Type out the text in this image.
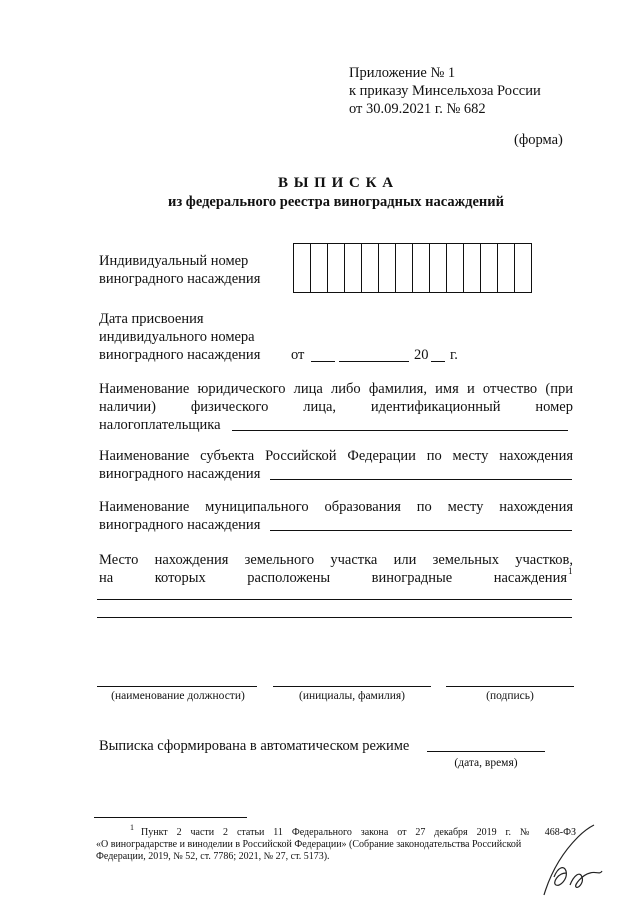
Приложение № 1
к приказу Минсельхоза России
от 30.09.2021 г. № 682
(форма)
В Ы П И С К А
из федерального реестра виноградных насаждений
Индивидуальный номер
виноградного насаждения
Дата присвоения
индивидуального номера
виноградного насаждения от	20 г.
Наименование юридического лица либо фамилия, имя и отчество (при
наличии) физического лица, идентификационный номер
налогоплательщика
Наименование субъекта Российской Федерации по месту нахождения
виноградного насаждения
Наименование муниципального образования по месту нахождения
виноградного насаждения
Место нахождения земельного участка или земельных участков,
на которых расположены виноградные насаждения 1
(наименование должности)	(инициалы, фамилия)	(подпись)
Выписка сформирована в автоматическом режиме
(дата, время)
1 Пункт 2 части 2 статьи 11 Федерального закона от 27 декабря 2019 г. № 468-ФЗ
«О виноградарстве и виноделии в Российской Федерации» (Собрание законодательства Российской
Федерации, 2019, № 52, ст. 7786; 2021, № 27, ст. 5173).
